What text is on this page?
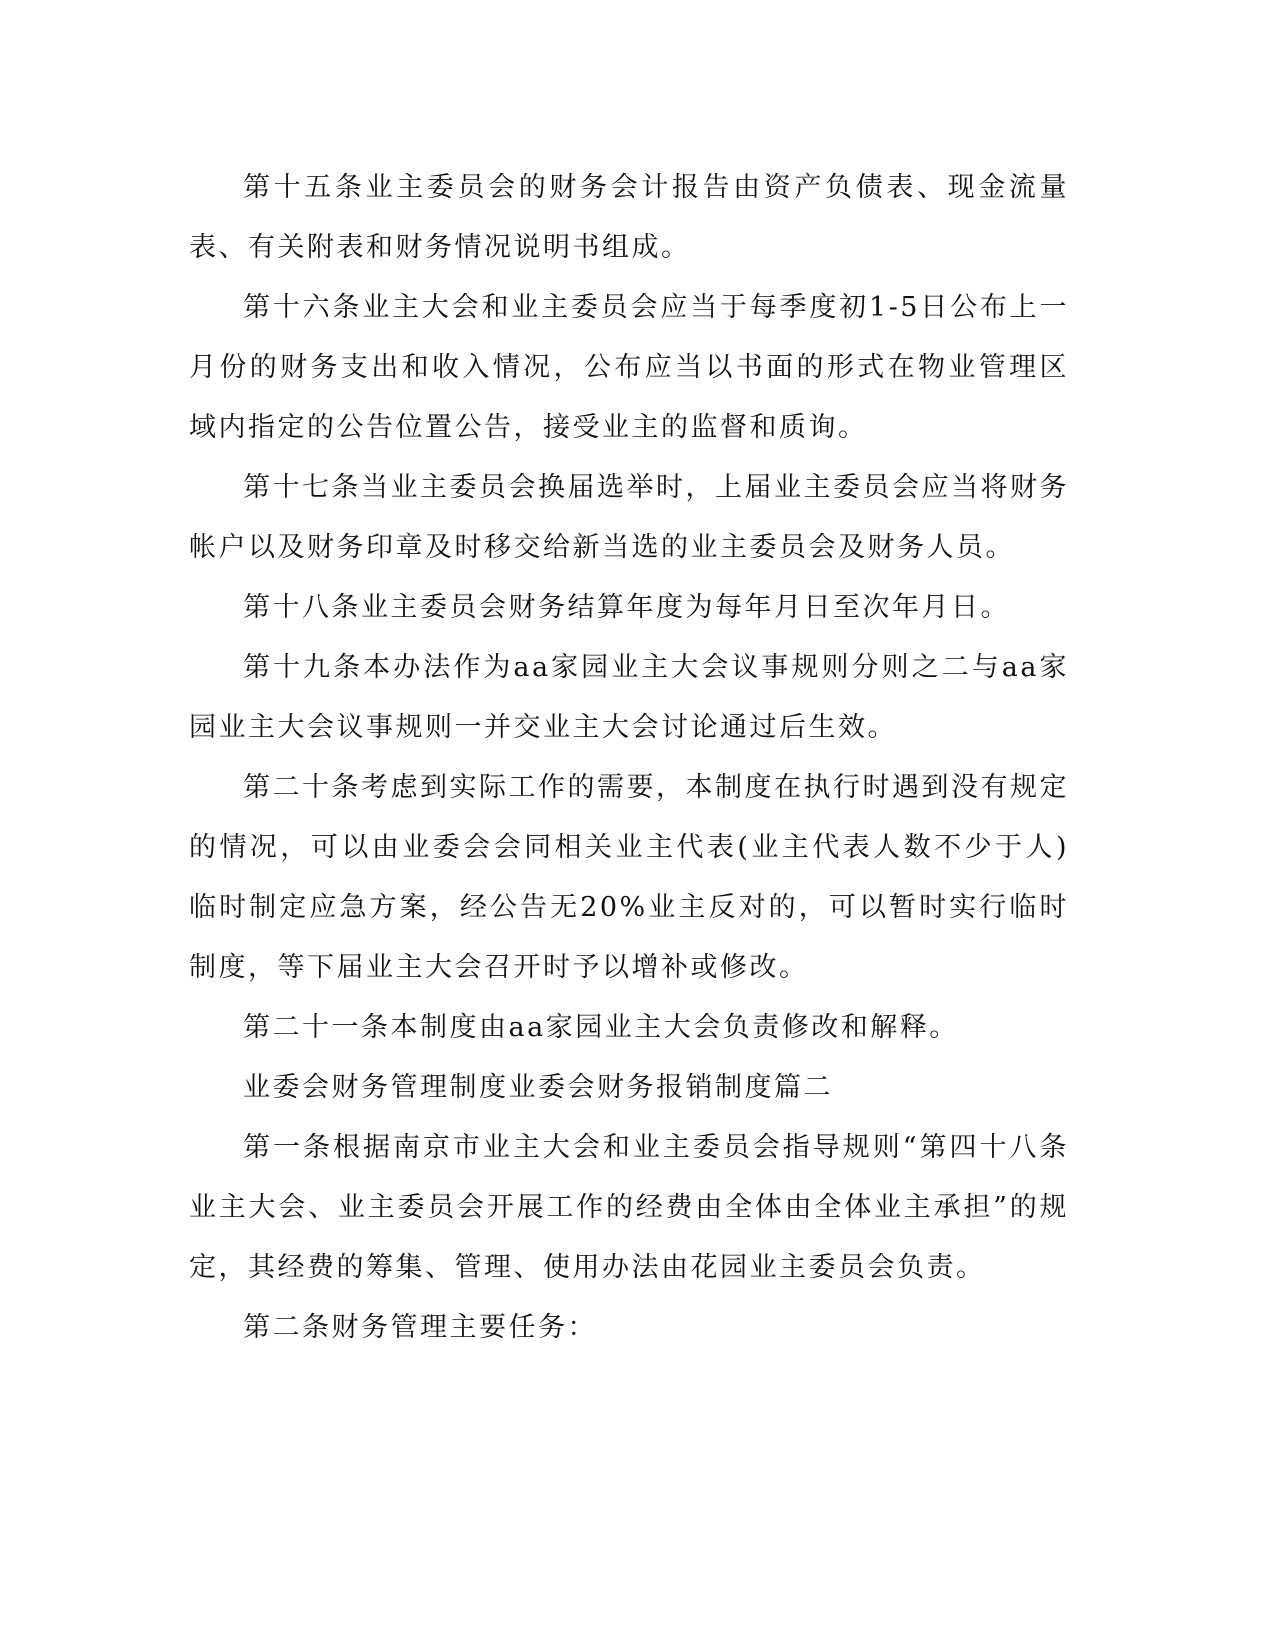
第十五条业主委员会的财务会计报告由资产负债表、现金流量表、有关附表和财务情况说明书组成。

第十六条业主大会和业主委员会应当于每季度初1-5日公布上一月份的财务支出和收入情况，公布应当以书面的形式在物业管理区域内指定的公告位置公告，接受业主的监督和质询。

第十七条当业主委员会换届选举时，上届业主委员会应当将财务帐户以及财务印章及时移交给新当选的业主委员会及财务人员。

第十八条业主委员会财务结算年度为每年月日至次年月日。

第十九条本办法作为aa家园业主大会议事规则分则之二与aa家园业主大会议事规则一并交业主大会讨论通过后生效。

第二十条考虑到实际工作的需要，本制度在执行时遇到没有规定的情况，可以由业委会会同相关业主代表(业主代表人数不少于人)临时制定应急方案，经公告无20%业主反对的，可以暂时实行临时制度，等下届业主大会召开时予以增补或修改。

第二十一条本制度由aa家园业主大会负责修改和解释。

业委会财务管理制度业委会财务报销制度篇二

第一条根据南京市业主大会和业主委员会指导规则“第四十八条业主大会、业主委员会开展工作的经费由全体由全体业主承担”的规定，其经费的筹集、管理、使用办法由花园业主委员会负责。

第二条财务管理主要任务：
